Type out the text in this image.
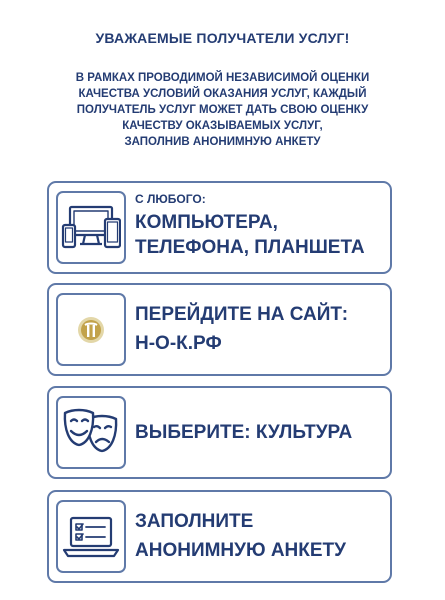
УВАЖАЕМЫЕ ПОЛУЧАТЕЛИ УСЛУГ!
В РАМКАХ ПРОВОДИМОЙ НЕЗАВИСИМОЙ ОЦЕНКИ
КАЧЕСТВА УСЛОВИЙ ОКАЗАНИЯ УСЛУГ, КАЖДЫЙ
ПОЛУЧАТЕЛЬ УСЛУГ МОЖЕТ ДАТЬ СВОЮ ОЦЕНКУ
КАЧЕСТВУ ОКАЗЫВАЕМЫХ УСЛУГ,
ЗАПОЛНИВ АНОНИМНУЮ АНКЕТУ
С ЛЮБОГО:
КОМПЬЮТЕРА,
ТЕЛЕФОНА, ПЛАНШЕТА
ПЕРЕЙДИТЕ НА САЙТ:
Н-О-К.РФ
ВЫБЕРИТЕ: КУЛЬТУРА
ЗАПОЛНИТЕ
АНОНИМНУЮ АНКЕТУ
